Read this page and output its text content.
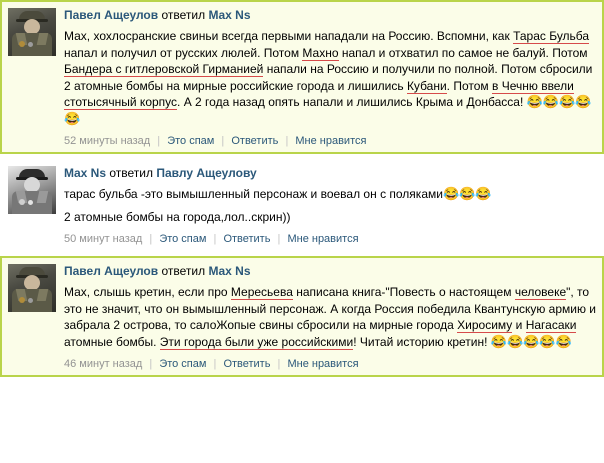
Павел Ащеулов ответил Max Ns
Мах, хохлосранские свиньи всегда первыми нападали на Россию. Вспомни, как Тарас Бульба напал и получил от русских люлей. Потом Махно напал и отхватил по самое не балуй. Потом Бандера с гитлеровской Гирманией напали на Россию и получили по полной. Потом сбросили 2 атомные бомбы на мирные российские города и лишились Кубани. Потом в Чечню ввели стотысячный корпус. А 2 года назад опять напали и лишились Крыма и Донбасса! 😂😂😂😂😂
52 минуты назад | Это спам | Ответить | Мне нравится
Max Ns ответил Павлу Ащеулову
тарас бульба -это вымышленный персонаж и воевал он с поляками😂😂😂
2 атомные бомбы на города,лол..скрин))
50 минут назад | Это спам | Ответить | Мне нравится
Павел Ащеулов ответил Max Ns
Мах, слышь кретин, если про Мересьева написана книга-"Повесть о настоящем человеке", то это не значит, что он вымышленный персонаж. А когда Россия победила Квантунскую армию и забрала 2 острова, то салоЖопые свины сбросили на мирные города Хиросиму и Нагасаки атомные бомбы. Эти города были уже российскими! Читай историю кретин! 😂😂😂😂😂
46 минут назад | Это спам | Ответить | Мне нравится
